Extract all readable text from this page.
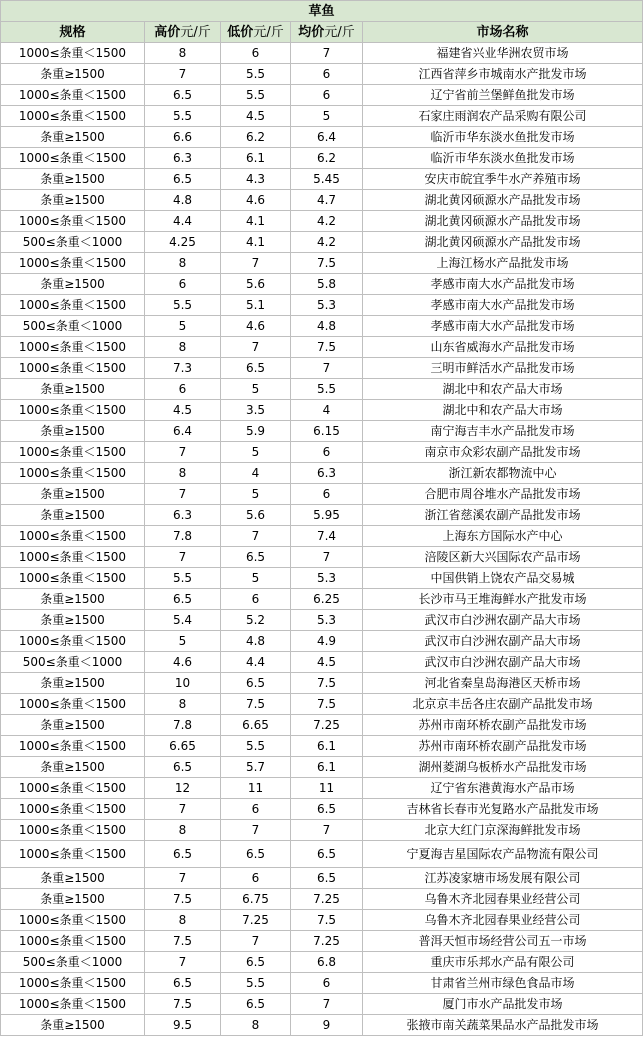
草鱼				
规格	高价元/斤	低价元/斤	均价元/斤	市场名称
1000≤条重＜1500	8	6	7	福建省兴业华洲农贸市场
条重≥1500	7	5.5	6	江西省萍乡市城南水产批发市场
1000≤条重＜1500	6.5	5.5	6	辽宁省前兰堡鲜鱼批发市场
1000≤条重＜1500	5.5	4.5	5	石家庄雨润农产品采购有限公司
条重≥1500	6.6	6.2	6.4	临沂市华东淡水鱼批发市场
1000≤条重＜1500	6.3	6.1	6.2	临沂市华东淡水鱼批发市场
条重≥1500	6.5	4.3	5.45	安庆市皖宜季牛水产养殖市场
条重≥1500	4.8	4.6	4.7	湖北黄冈硕源水产品批发市场
1000≤条重＜1500	4.4	4.1	4.2	湖北黄冈硕源水产品批发市场
500≤条重＜1000	4.25	4.1	4.2	湖北黄冈硕源水产品批发市场
1000≤条重＜1500	8	7	7.5	上海江杨水产品批发市场
条重≥1500	6	5.6	5.8	孝感市南大水产品批发市场
1000≤条重＜1500	5.5	5.1	5.3	孝感市南大水产品批发市场
500≤条重＜1000	5	4.6	4.8	孝感市南大水产品批发市场
1000≤条重＜1500	8	7	7.5	山东省威海水产品批发市场
1000≤条重＜1500	7.3	6.5	7	三明市鲜活水产品批发市场
条重≥1500	6	5	5.5	湖北中和农产品大市场
1000≤条重＜1500	4.5	3.5	4	湖北中和农产品大市场
条重≥1500	6.4	5.9	6.15	南宁海吉丰水产品批发市场
1000≤条重＜1500	7	5	6	南京市众彩农副产品批发市场
1000≤条重＜1500	8	4	6.3	浙江新农都物流中心
条重≥1500	7	5	6	合肥市周谷堆水产品批发市场
条重≥1500	6.3	5.6	5.95	浙江省慈溪农副产品批发市场
1000≤条重＜1500	7.8	7	7.4	上海东方国际水产中心
1000≤条重＜1500	7	6.5	7	涪陵区新大兴国际农产品市场
1000≤条重＜1500	5.5	5	5.3	中国供销上饶农产品交易城
条重≥1500	6.5	6	6.25	长沙市马王堆海鲜水产批发市场
条重≥1500	5.4	5.2	5.3	武汉市白沙洲农副产品大市场
1000≤条重＜1500	5	4.8	4.9	武汉市白沙洲农副产品大市场
500≤条重＜1000	4.6	4.4	4.5	武汉市白沙洲农副产品大市场
条重≥1500	10	6.5	7.5	河北省秦皇岛海港区天桥市场
1000≤条重＜1500	8	7.5	7.5	北京京丰岳各庄农副产品批发市场
条重≥1500	7.8	6.65	7.25	苏州市南环桥农副产品批发市场
1000≤条重＜1500	6.65	5.5	6.1	苏州市南环桥农副产品批发市场
条重≥1500	6.5	5.7	6.1	湖州菱湖乌板桥水产品批发市场
1000≤条重＜1500	12	11	11	辽宁省东港黄海水产品市场
1000≤条重＜1500	7	6	6.5	吉林省长春市光复路水产品批发市场
1000≤条重＜1500	8	7	7	北京大红门京深海鲜批发市场
1000≤条重＜1500	6.5	6.5	6.5	宁夏海吉星国际农产品物流有限公司
条重≥1500	7	6	6.5	江苏凌家塘市场发展有限公司
条重≥1500	7.5	6.75	7.25	乌鲁木齐北园春果业经营公司
1000≤条重＜1500	8	7.25	7.5	乌鲁木齐北园春果业经营公司
1000≤条重＜1500	7.5	7	7.25	普洱天恒市场经营公司五一市场
500≤条重＜1000	7	6.5	6.8	重庆市乐邦水产品有限公司
1000≤条重＜1500	6.5	5.5	6	甘肃省兰州市绿色食品市场
1000≤条重＜1500	7.5	6.5	7	厦门市水产品批发市场
条重≥1500	9.5	8	9	张掖市南关蔬菜果品水产品批发市场
